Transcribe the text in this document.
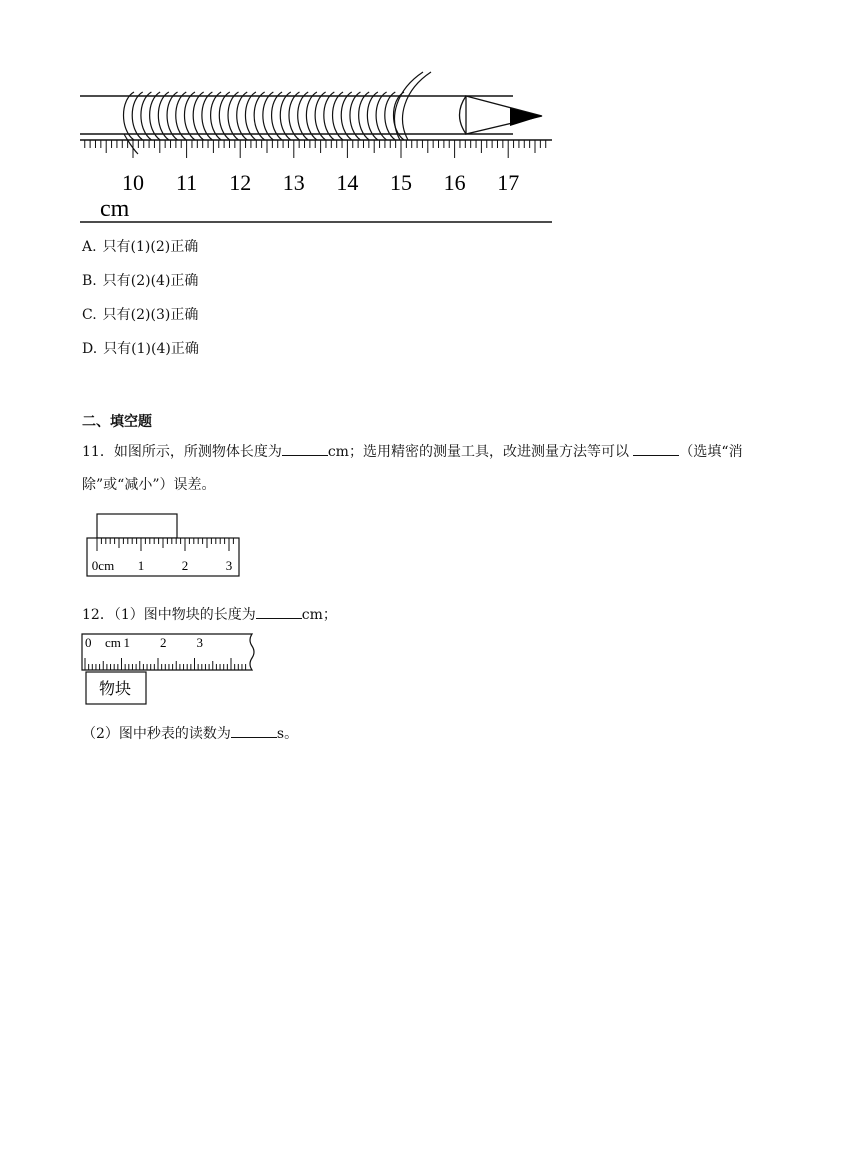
10 11 12 13 14 15 16 17
cm
A. 只有(1)(2)正确
B. 只有(2)(4)正确
C. 只有(2)(3)正确
D. 只有(1)(4)正确
二、填空题
11．如图所示，所测物体长度为	cm；选用精密的测量工具，改进测量方法等可以	（选填“消
除”或“减小”）误差。
0cm 1	2	3
12．（1）图中物块的长度为	cm；
0 cm 1 2 3
物块
（2）图中秒表的读数为	s。
